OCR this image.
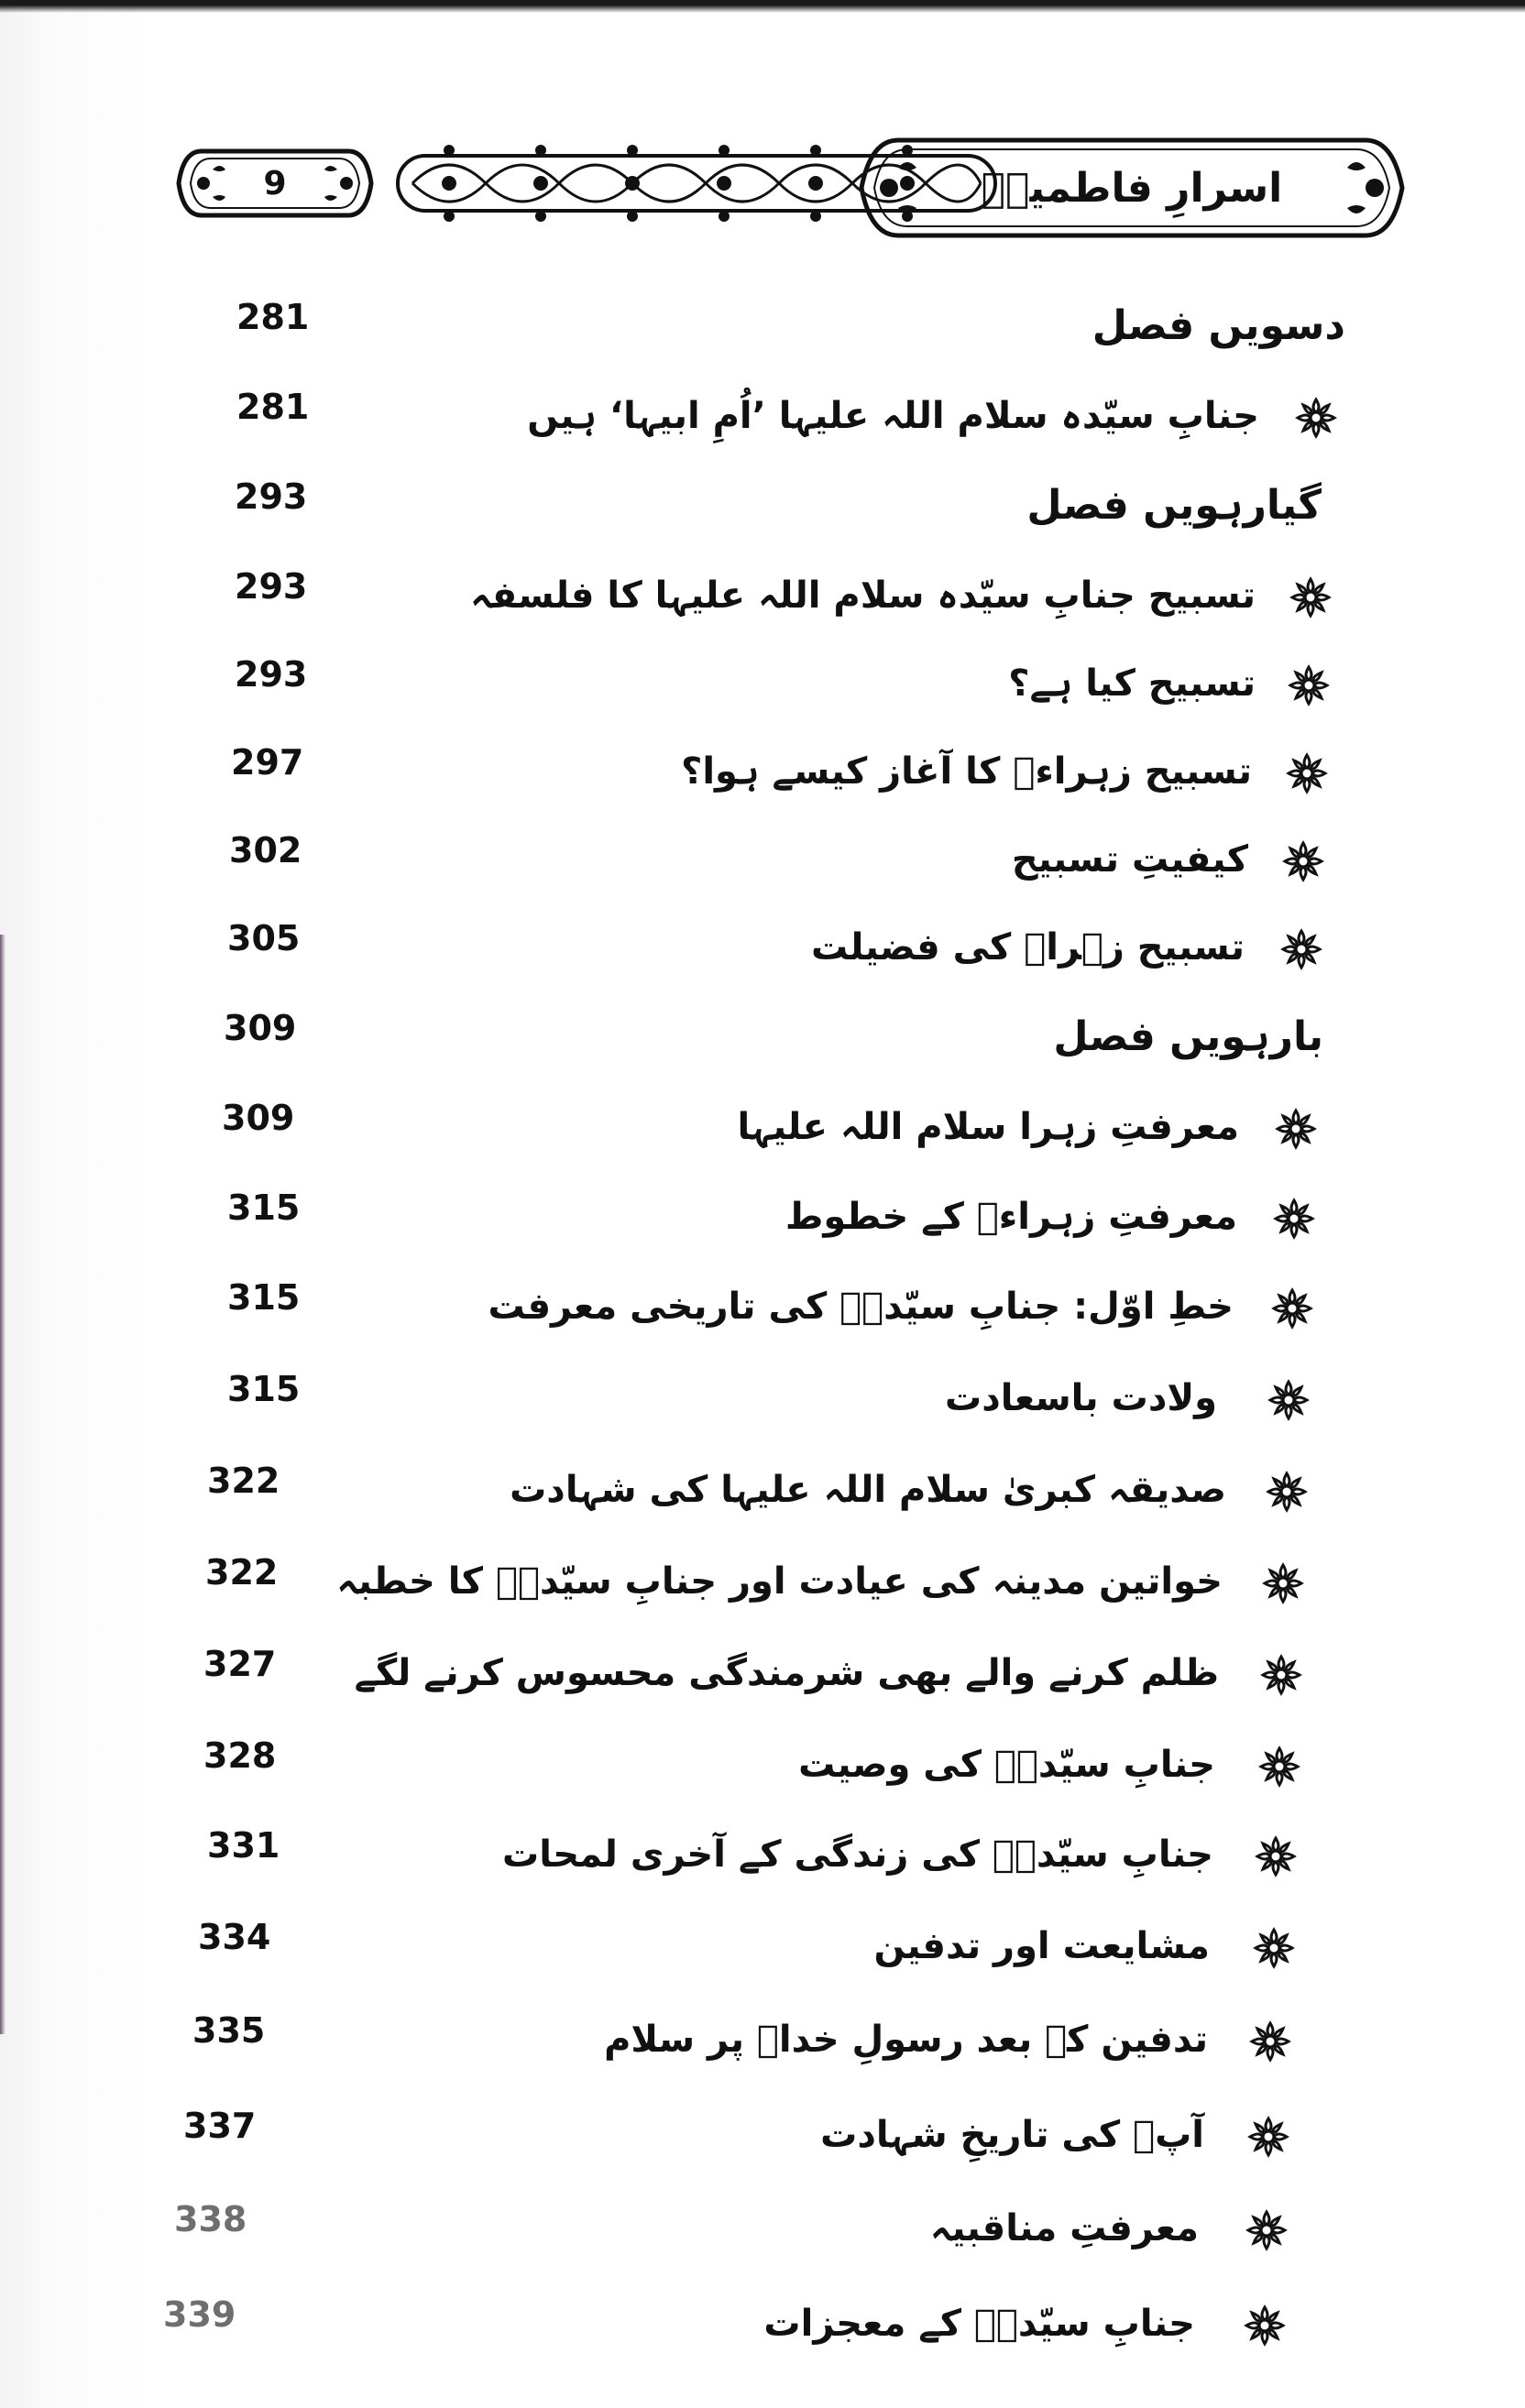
9	اسرارِ فاطمیہؑ
281	دسویں فصل
281	جنابِ سیّدہ سلام اللہ علیہا ’اُمِ ابیہا‘ ہیں
293	گیارہویں فصل
293	تسبیح جنابِ سیّدہ سلام اللہ علیہا کا فلسفہ
293	تسبیح کیا ہے؟
297	تسبیح زہراءؑ کا آغاز کیسے ہوا؟
302	کیفیتِ تسبیح
305	تسبیح زہراؑ کی فضیلت
309	بارہویں فصل
309	معرفتِ زہرا سلام اللہ علیہا
315	معرفتِ زہراءؑ کے خطوط
315	خطِ اوّل: جنابِ سیّدہؑ کی تاریخی معرفت
315	ولادت باسعادت
322	صدیقہ کبریٰ سلام اللہ علیہا کی شہادت
322	خواتین مدینہ کی عیادت اور جنابِ سیّدہؑ کا خطبہ
327	ظلم کرنے والے بھی شرمندگی محسوس کرنے لگے
328	جنابِ سیّدہؑ کی وصیت
331	جنابِ سیّدہؑ کی زندگی کے آخری لمحات
334	مشایعت اور تدفین
335	تدفین کے بعد رسولِ خداؐ پر سلام
337	آپؑ کی تاریخِ شہادت
338	معرفتِ مناقبیہ
339	جنابِ سیّدہؑ کے معجزات
